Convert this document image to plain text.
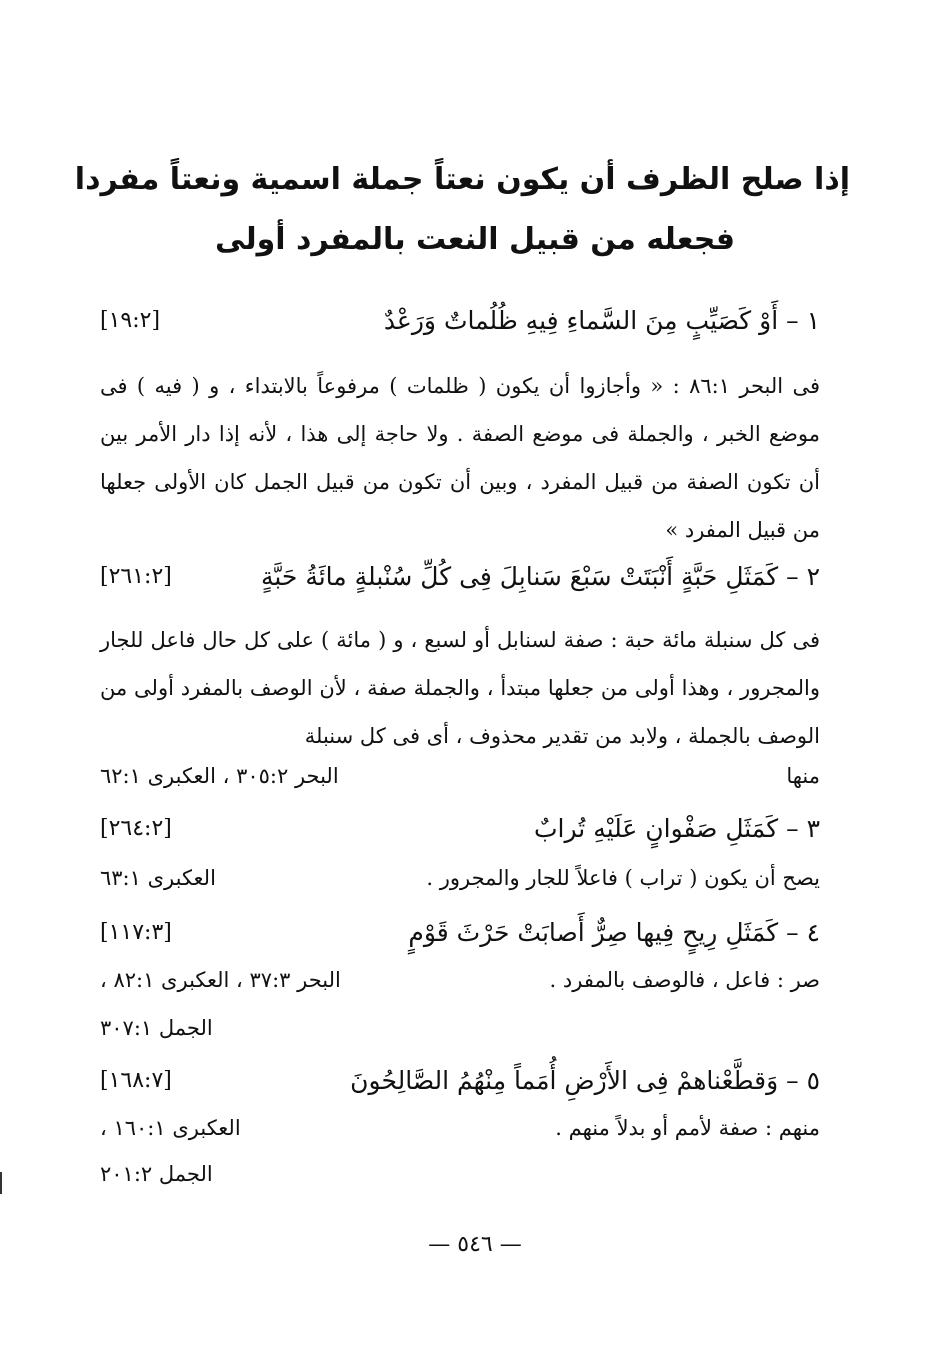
إذا صلح الظرف أن يكون نعتاً جملة اسمية ونعتاً مفردا
فجعله من قبيل النعت بالمفرد أولى
١ – أَوْ كَصَيِّبٍ مِنَ السَّماءِ فِيهِ ظُلُماتٌ وَرَعْدٌ
[١٩:٢]
فى البحر ٨٦:١ : « وأجازوا أن يكون ( ظلمات ) مرفوعاً بالابتداء ، و ( فيه ) فى موضع الخبر ، والجملة فى موضع الصفة . ولا حاجة إلى هذا ، لأنه إذا دار الأمر بين أن تكون الصفة من قبيل المفرد ، وبين أن تكون من قبيل الجمل كان الأولى جعلها من قبيل المفرد »
٢ – كَمَثَلِ حَبَّةٍ أَنْبَتَتْ سَبْعَ سَنابِلَ فِى كُلِّ سُنْبلةٍ مائَةُ حَبَّةٍ
[٢٦١:٢]
فى كل سنبلة مائة حبة : صفة لسنابل أو لسبع ، و ( مائة ) على كل حال فاعل للجار والمجرور ، وهذا أولى من جعلها مبتدأ ، والجملة صفة ، لأن الوصف بالمفرد أولى من الوصف بالجملة ، ولابد من تقدير محذوف ، أى فى كل سنبلة
منها
البحر ٣٠٥:٢ ، العكبرى ٦٢:١
٣ – كَمَثَلِ صَفْوانٍ عَلَيْهِ تُرابٌ
[٢٦٤:٢]
يصح أن يكون ( تراب ) فاعلاً للجار والمجرور .
العكبرى ٦٣:١
٤ – كَمَثَلِ رِيحٍ فِيها صِرٌّ أَصابَتْ حَرْثَ قَوْمٍ
[١١٧:٣]
صر : فاعل ، فالوصف بالمفرد .
البحر ٣٧:٣ ، العكبرى ٨٢:١ ،
الجمل ٣٠٧:١
٥ – وَقطَّعْناهمْ فِى الأَرْضِ أُمَماً مِنْهُمُ الصَّالِحُونَ
[١٦٨:٧]
منهم : صفة لأمم أو بدلاً منهم .
العكبرى ١٦٠:١ ،
الجمل ٢٠١:٢
— ٥٤٦ —
